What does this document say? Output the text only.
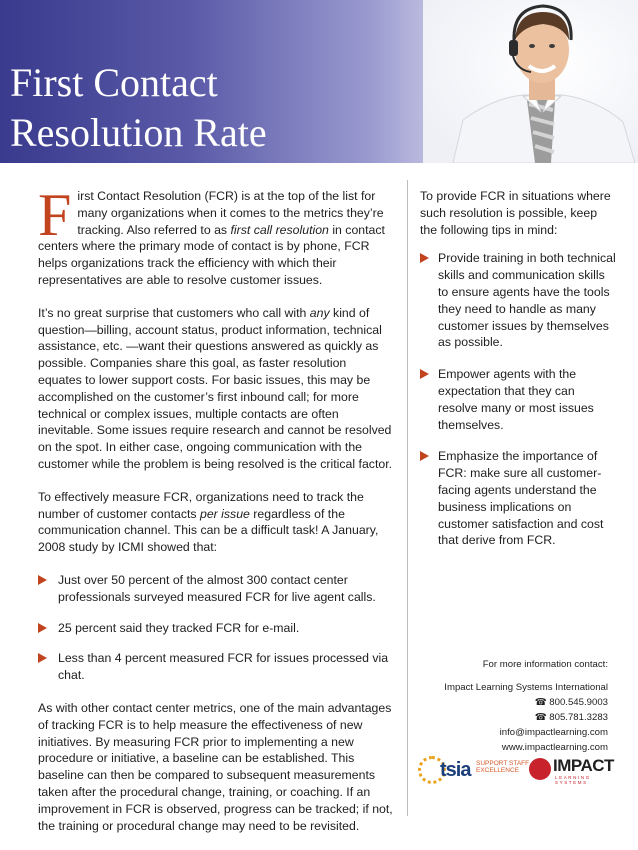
First Contact
Resolution Rate

First Contact Resolution (FCR) is at the top of the list for many organizations when it comes to the metrics they’re tracking. Also referred to as first call resolution in contact centers where the primary mode of contact is by phone, FCR helps organizations track the efficiency with which their representatives are able to resolve customer issues.

It’s no great surprise that customers who call with any kind of question—billing, account status, product information, technical assistance, etc. —want their questions answered as quickly as possible. Companies share this goal, as faster resolution equates to lower support costs. For basic issues, this may be accomplished on the customer’s first inbound call; for more technical or complex issues, multiple contacts are often inevitable. Some issues require research and cannot be resolved on the spot. In either case, ongoing communication with the customer while the problem is being resolved is the critical factor.

To effectively measure FCR, organizations need to track the number of customer contacts per issue regardless of the communication channel. This can be a difficult task! A January, 2008 study by ICMI showed that:

Just over 50 percent of the almost 300 contact center professionals surveyed measured FCR for live agent calls.
25 percent said they tracked FCR for e-mail.
Less than 4 percent measured FCR for issues processed via chat.

As with other contact center metrics, one of the main advantages of tracking FCR is to help measure the effectiveness of new initiatives. By measuring FCR prior to implementing a new procedure or initiative, a baseline can be established. This baseline can then be compared to subsequent measurements taken after the procedural change, training, or coaching. If an improvement in FCR is observed, progress can be tracked; if not, the training or procedural change may need to be revisited.

To provide FCR in situations where such resolution is possible, keep the following tips in mind:

Provide training in both technical skills and communication skills to ensure agents have the tools they need to handle as many customer issues by themselves as possible.
Empower agents with the expectation that they can resolve many or most issues themselves.
Emphasize the importance of FCR: make sure all customer-facing agents understand the business implications on customer satisfaction and cost that derive from FCR.
For more information contact:
Impact Learning Systems International
☎ 800.545.9003
☎ 805.781.3283
info@impactlearning.com
www.impactlearning.com
tsia SUPPORT STAFF
EXCELLENCE	IMPACT
LEARNING SYSTEMS
